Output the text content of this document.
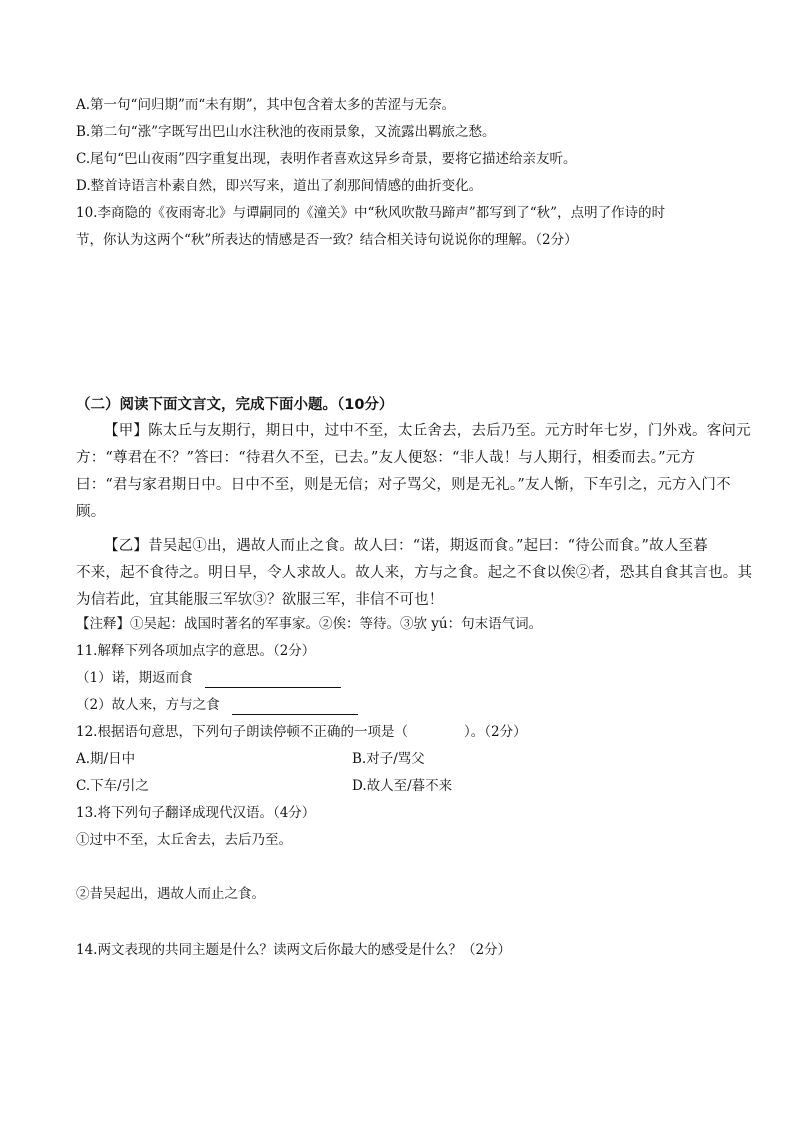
A.第一句“问归期”而“未有期”，其中包含着太多的苦涩与无奈。
B.第二句“涨”字既写出巴山水注秋池的夜雨景象，又流露出羁旅之愁。
C.尾句“巴山夜雨”四字重复出现，表明作者喜欢这异乡奇景，要将它描述给亲友听。
D.整首诗语言朴素自然，即兴写来，道出了刹那间情感的曲折变化。
10.李商隐的《夜雨寄北》与谭嗣同的《潼关》中“秋风吹散马蹄声”都写到了“秋”，点明了作诗的时
节，你认为这两个“秋”所表达的情感是否一致？结合相关诗句说说你的理解。（2分）
（二）阅读下面文言文，完成下面小题。（10分）
【甲】陈太丘与友期行，期日中，过中不至，太丘舍去，去后乃至。元方时年七岁，门外戏。客问元
方：“尊君在不？”答曰：“待君久不至，已去。”友人便怒：“非人哉！与人期行，相委而去。”元方
曰：“君与家君期日中。日中不至，则是无信；对子骂父，则是无礼。”友人惭，下车引之，元方入门不
顾。
【乙】昔吴起①出，遇故人而止之食。故人曰：“诺，期返而食。”起曰：“待公而食。”故人至暮
不来，起不食待之。明日早，令人求故人。故人来，方与之食。起之不食以俟②者，恐其自食其言也。其
为信若此，宜其能服三军欤③？欲服三军，非信不可也！
【注释】①吴起：战国时著名的军事家。②俟：等待。③欤 yú：句末语气词。
11.解释下列各项加点字的意思。（2分）
（1）诺，期返而食
（2）故人来，方与之食
12.根据语句意思，下列句子朗读停顿不正确的一项是（	）。（2分）
A.期/日中	B.对子/骂父
C.下车/引之	D.故人至/暮不来
13.将下列句子翻译成现代汉语。（4分）
①过中不至，太丘舍去，去后乃至。
②昔吴起出，遇故人而止之食。
14.两文表现的共同主题是什么？读两文后你最大的感受是什么？（2分）
